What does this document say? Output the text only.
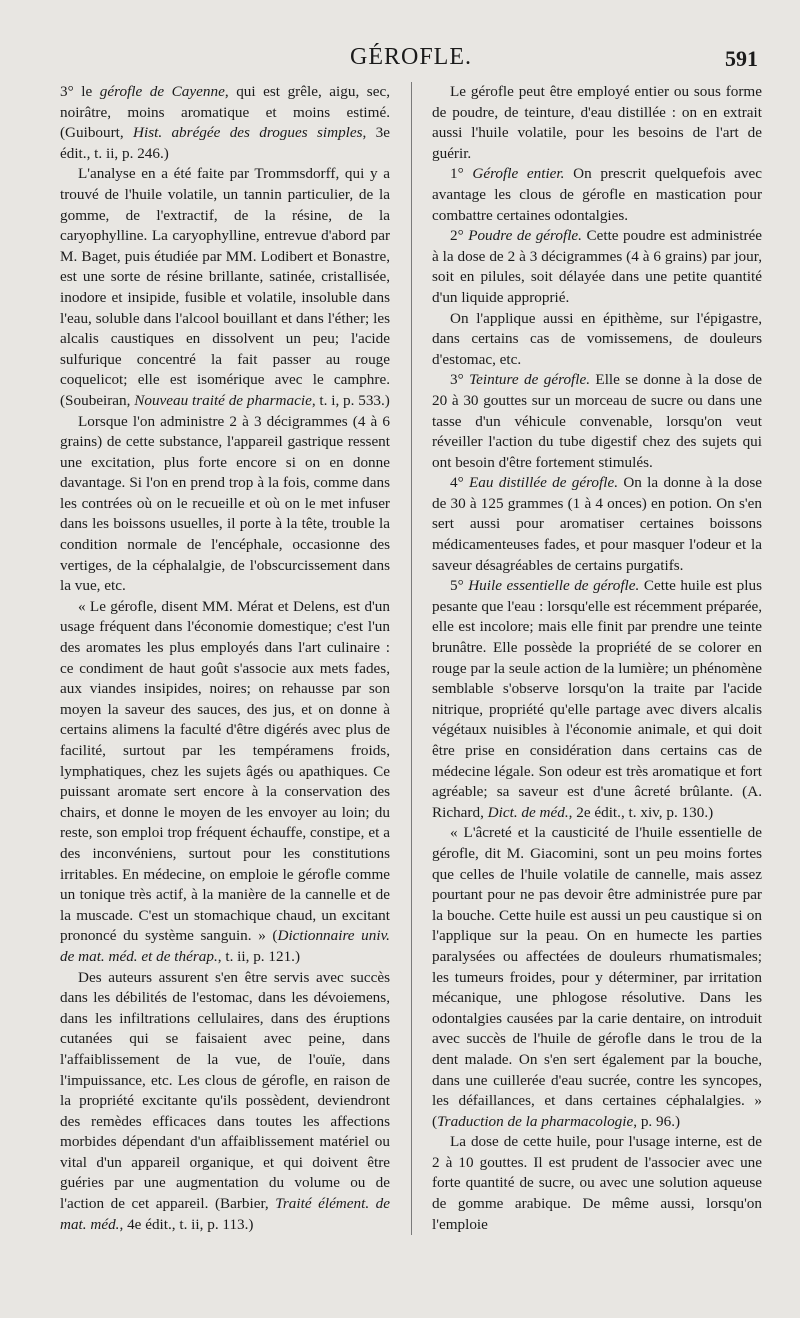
GÉROFLE.	591

3° le gérofle de Cayenne, qui est grêle, aigu, sec, noirâtre, moins aromatique et moins estimé. (Guibourt, Hist. abrégée des drogues simples, 3e édit., t. ii, p. 246.)

L'analyse en a été faite par Trommsdorff, qui y a trouvé de l'huile volatile, un tannin particulier, de la gomme, de l'extractif, de la résine, de la caryophylline. La caryophylline, entrevue d'abord par M. Baget, puis étudiée par MM. Lodibert et Bonastre, est une sorte de résine brillante, satinée, cristallisée, inodore et insipide, fusible et volatile, insoluble dans l'eau, soluble dans l'alcool bouillant et dans l'éther; les alcalis caustiques en dissolvent un peu; l'acide sulfurique concentré la fait passer au rouge coquelicot; elle est isomérique avec le camphre. (Soubeiran, Nouveau traité de pharmacie, t. i, p. 533.)

Lorsque l'on administre 2 à 3 décigrammes (4 à 6 grains) de cette substance, l'appareil gastrique ressent une excitation, plus forte encore si on en donne davantage. Si l'on en prend trop à la fois, comme dans les contrées où on le recueille et où on le met infuser dans les boissons usuelles, il porte à la tête, trouble la condition normale de l'encéphale, occasionne des vertiges, de la céphalalgie, de l'obscurcissement dans la vue, etc.

« Le gérofle, disent MM. Mérat et Delens, est d'un usage fréquent dans l'économie domestique; c'est l'un des aromates les plus employés dans l'art culinaire : ce condiment de haut goût s'associe aux mets fades, aux viandes insipides, noires; on rehausse par son moyen la saveur des sauces, des jus, et on donne à certains alimens la faculté d'être digérés avec plus de facilité, surtout par les tempéramens froids, lymphatiques, chez les sujets âgés ou apathiques. Ce puissant aromate sert encore à la conservation des chairs, et donne le moyen de les envoyer au loin; du reste, son emploi trop fréquent échauffe, constipe, et a des inconvéniens, surtout pour les constitutions irritables. En médecine, on emploie le gérofle comme un tonique très actif, à la manière de la cannelle et de la muscade. C'est un stomachique chaud, un excitant prononcé du système sanguin. » (Dictionnaire univ. de mat. méd. et de thérap., t. ii, p. 121.)

Des auteurs assurent s'en être servis avec succès dans les débilités de l'estomac, dans les dévoiemens, dans les infiltrations cellulaires, dans des éruptions cutanées qui se faisaient avec peine, dans l'affaiblissement de la vue, de l'ouïe, dans l'impuissance, etc. Les clous de gérofle, en raison de la propriété excitante qu'ils possèdent, deviendront des remèdes efficaces dans toutes les affections morbides dépendant d'un affaiblissement matériel ou vital d'un appareil organique, et qui doivent être guéries par une augmentation du volume ou de l'action de cet appareil. (Barbier, Traité élément. de mat. méd., 4e édit., t. ii, p. 113.)

Le gérofle peut être employé entier ou sous forme de poudre, de teinture, d'eau distillée : on en extrait aussi l'huile volatile, pour les besoins de l'art de guérir.

1° Gérofle entier. On prescrit quelquefois avec avantage les clous de gérofle en mastication pour combattre certaines odontalgies.

2° Poudre de gérofle. Cette poudre est administrée à la dose de 2 à 3 décigrammes (4 à 6 grains) par jour, soit en pilules, soit délayée dans une petite quantité d'un liquide approprié.

On l'applique aussi en épithème, sur l'épigastre, dans certains cas de vomissemens, de douleurs d'estomac, etc.

3° Teinture de gérofle. Elle se donne à la dose de 20 à 30 gouttes sur un morceau de sucre ou dans une tasse d'un véhicule convenable, lorsqu'on veut réveiller l'action du tube digestif chez des sujets qui ont besoin d'être fortement stimulés.

4° Eau distillée de gérofle. On la donne à la dose de 30 à 125 grammes (1 à 4 onces) en potion. On s'en sert aussi pour aromatiser certaines boissons médicamenteuses fades, et pour masquer l'odeur et la saveur désagréables de certains purgatifs.

5° Huile essentielle de gérofle. Cette huile est plus pesante que l'eau : lorsqu'elle est récemment préparée, elle est incolore; mais elle finit par prendre une teinte brunâtre. Elle possède la propriété de se colorer en rouge par la seule action de la lumière; un phénomène semblable s'observe lorsqu'on la traite par l'acide nitrique, propriété qu'elle partage avec divers alcalis végétaux nuisibles à l'économie animale, et qui doit être prise en considération dans certains cas de médecine légale. Son odeur est très aromatique et fort agréable; sa saveur est d'une âcreté brûlante. (A. Richard, Dict. de méd., 2e édit., t. xiv, p. 130.)

« L'âcreté et la causticité de l'huile essentielle de gérofle, dit M. Giacomini, sont un peu moins fortes que celles de l'huile volatile de cannelle, mais assez pourtant pour ne pas devoir être administrée pure par la bouche. Cette huile est aussi un peu caustique si on l'applique sur la peau. On en humecte les parties paralysées ou affectées de douleurs rhumatismales; les tumeurs froides, pour y déterminer, par irritation mécanique, une phlogose résolutive. Dans les odontalgies causées par la carie dentaire, on introduit avec succès de l'huile de gérofle dans le trou de la dent malade. On s'en sert également par la bouche, dans une cuillerée d'eau sucrée, contre les syncopes, les défaillances, et dans certaines céphalalgies. » (Traduction de la pharmacologie, p. 96.)

La dose de cette huile, pour l'usage interne, est de 2 à 10 gouttes. Il est prudent de l'associer avec une forte quantité de sucre, ou avec une solution aqueuse de gomme arabique. De même aussi, lorsqu'on l'emploie
